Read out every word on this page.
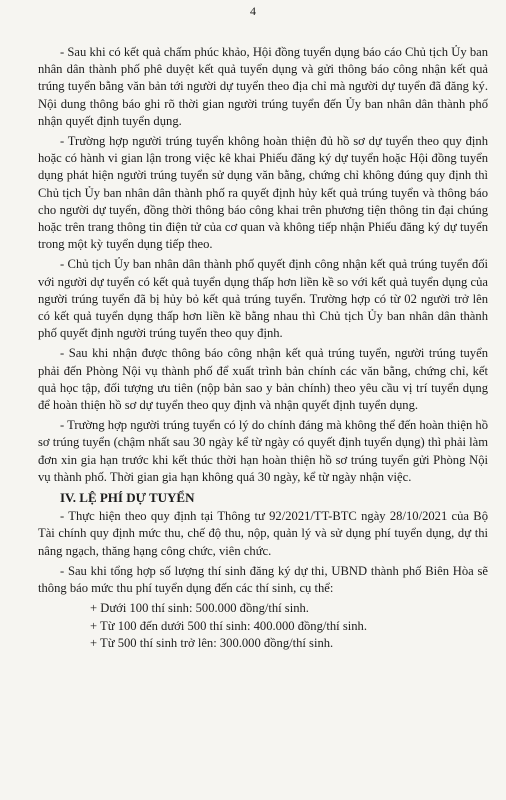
4

- Sau khi có kết quả chấm phúc khảo, Hội đồng tuyển dụng báo cáo Chủ tịch Ủy ban nhân dân thành phố phê duyệt kết quả tuyển dụng và gửi thông báo công nhận kết quả trúng tuyển bằng văn bản tới người dự tuyển theo địa chỉ mà người dự tuyển đã đăng ký. Nội dung thông báo ghi rõ thời gian người trúng tuyển đến Ủy ban nhân dân thành phố nhận quyết định tuyển dụng.

- Trường hợp người trúng tuyển không hoàn thiện đủ hồ sơ dự tuyển theo quy định hoặc có hành vi gian lận trong việc kê khai Phiếu đăng ký dự tuyển hoặc Hội đồng tuyển dụng phát hiện người trúng tuyển sử dụng văn bằng, chứng chỉ không đúng quy định thì Chủ tịch Ủy ban nhân dân thành phố ra quyết định hủy kết quả trúng tuyển và thông báo cho người dự tuyển, đồng thời thông báo công khai trên phương tiện thông tin đại chúng hoặc trên trang thông tin điện tử của cơ quan và không tiếp nhận Phiếu đăng ký dự tuyển trong một kỳ tuyển dụng tiếp theo.

- Chủ tịch Ủy ban nhân dân thành phố quyết định công nhận kết quả trúng tuyển đối với người dự tuyển có kết quả tuyển dụng thấp hơn liền kề so với kết quả tuyển dụng của người trúng tuyển đã bị hủy bỏ kết quả trúng tuyển. Trường hợp có từ 02 người trở lên có kết quả tuyển dụng thấp hơn liền kề bằng nhau thì Chủ tịch Ủy ban nhân dân thành phố quyết định người trúng tuyển theo quy định.

- Sau khi nhận được thông báo công nhận kết quả trúng tuyển, người trúng tuyển phải đến Phòng Nội vụ thành phố để xuất trình bản chính các văn bằng, chứng chỉ, kết quả học tập, đối tượng ưu tiên (nộp bản sao y bản chính) theo yêu cầu vị trí tuyển dụng để hoàn thiện hồ sơ dự tuyển theo quy định và nhận quyết định tuyển dụng.

- Trường hợp người trúng tuyển có lý do chính đáng mà không thể đến hoàn thiện hồ sơ trúng tuyển (chậm nhất sau 30 ngày kể từ ngày có quyết định tuyển dụng) thì phải làm đơn xin gia hạn trước khi kết thúc thời hạn hoàn thiện hồ sơ trúng tuyển gửi Phòng Nội vụ thành phố. Thời gian gia hạn không quá 30 ngày, kể từ ngày nhận việc.

IV. LỆ PHÍ DỰ TUYỂN

- Thực hiện theo quy định tại Thông tư 92/2021/TT-BTC ngày 28/10/2021 của Bộ Tài chính quy định mức thu, chế độ thu, nộp, quản lý và sử dụng phí tuyển dụng, dự thi nâng ngạch, thăng hạng công chức, viên chức.

- Sau khi tổng hợp số lượng thí sinh đăng ký dự thi, UBND thành phố Biên Hòa sẽ thông báo mức thu phí tuyển dụng đến các thí sinh, cụ thể:

+ Dưới 100 thí sinh: 500.000 đồng/thí sinh.

+ Từ 100 đến dưới 500 thí sinh: 400.000 đồng/thí sinh.

+ Từ 500 thí sinh trở lên: 300.000 đồng/thí sinh.
